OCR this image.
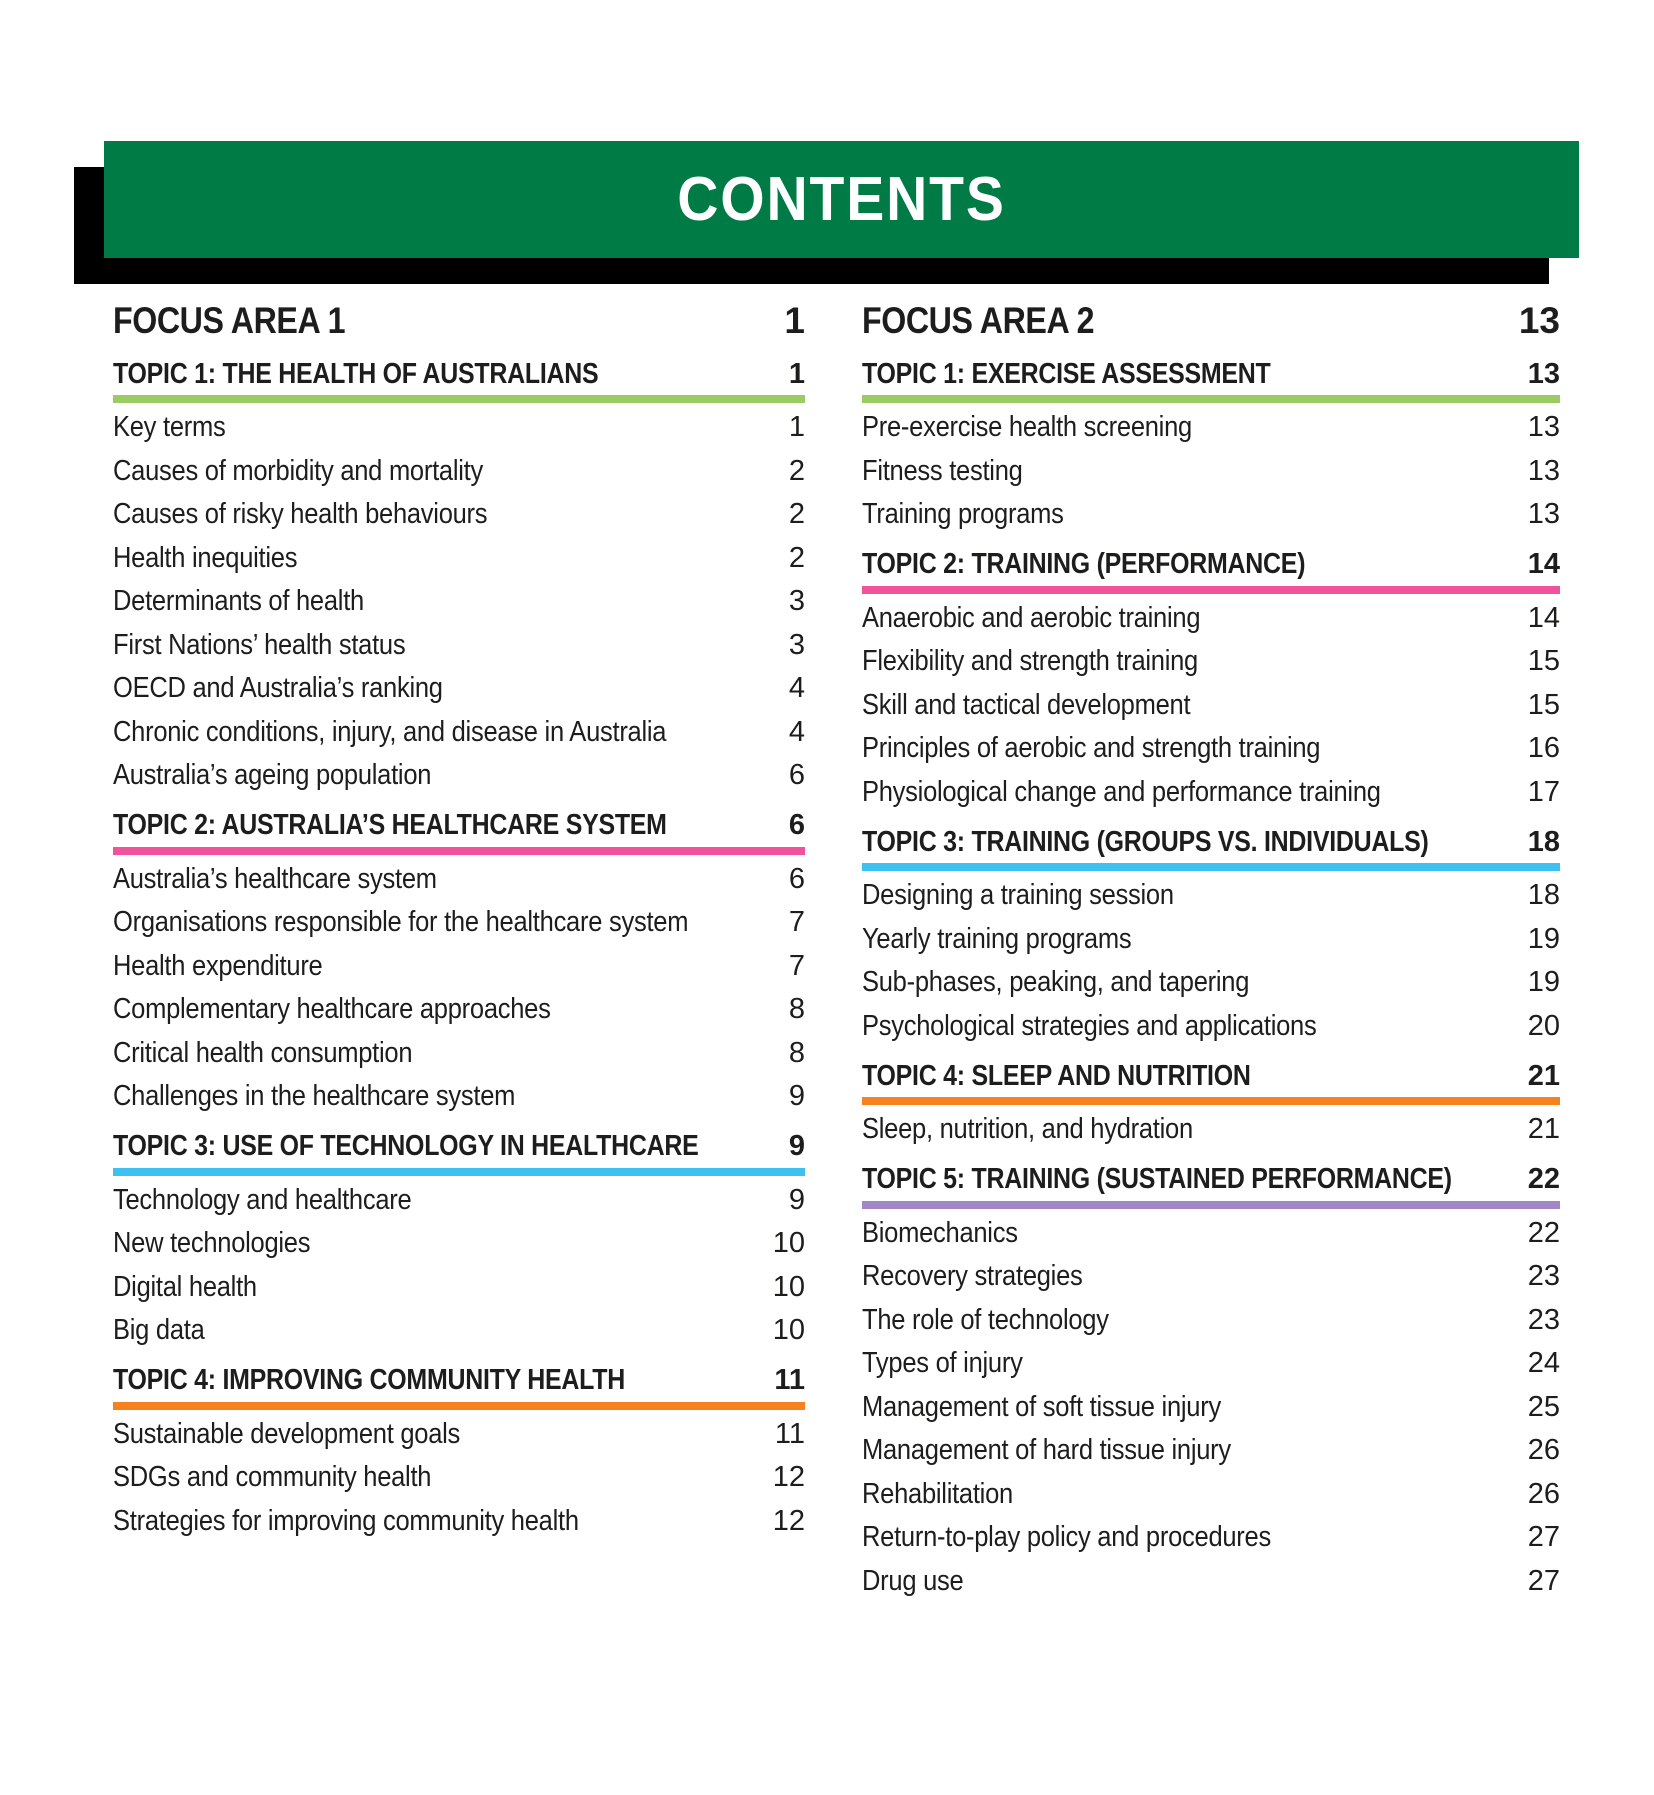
CONTENTS
FOCUS AREA 1	1
TOPIC 1: THE HEALTH OF AUSTRALIANS	1
Key terms	1
Causes of morbidity and mortality	2
Causes of risky health behaviours	2
Health inequities	2
Determinants of health	3
First Nations’ health status	3
OECD and Australia’s ranking	4
Chronic conditions, injury, and disease in Australia	4
Australia’s ageing population	6
TOPIC 2: AUSTRALIA’S HEALTHCARE SYSTEM	6
Australia’s healthcare system	6
Organisations responsible for the healthcare system	7
Health expenditure	7
Complementary healthcare approaches	8
Critical health consumption	8
Challenges in the healthcare system	9
TOPIC 3: USE OF TECHNOLOGY IN HEALTHCARE	9
Technology and healthcare	9
New technologies	10
Digital health	10
Big data	10
TOPIC 4: IMPROVING COMMUNITY HEALTH	11
Sustainable development goals	11
SDGs and community health	12
Strategies for improving community health	12
FOCUS AREA 2	13
TOPIC 1: EXERCISE ASSESSMENT	13
Pre-exercise health screening	13
Fitness testing	13
Training programs	13
TOPIC 2: TRAINING (PERFORMANCE)	14
Anaerobic and aerobic training	14
Flexibility and strength training	15
Skill and tactical development	15
Principles of aerobic and strength training	16
Physiological change and performance training	17
TOPIC 3: TRAINING (GROUPS VS. INDIVIDUALS)	18
Designing a training session	18
Yearly training programs	19
Sub-phases, peaking, and tapering	19
Psychological strategies and applications	20
TOPIC 4: SLEEP AND NUTRITION	21
Sleep, nutrition, and hydration	21
TOPIC 5: TRAINING (SUSTAINED PERFORMANCE)	22
Biomechanics	22
Recovery strategies	23
The role of technology	23
Types of injury	24
Management of soft tissue injury	25
Management of hard tissue injury	26
Rehabilitation	26
Return-to-play policy and procedures	27
Drug use	27
